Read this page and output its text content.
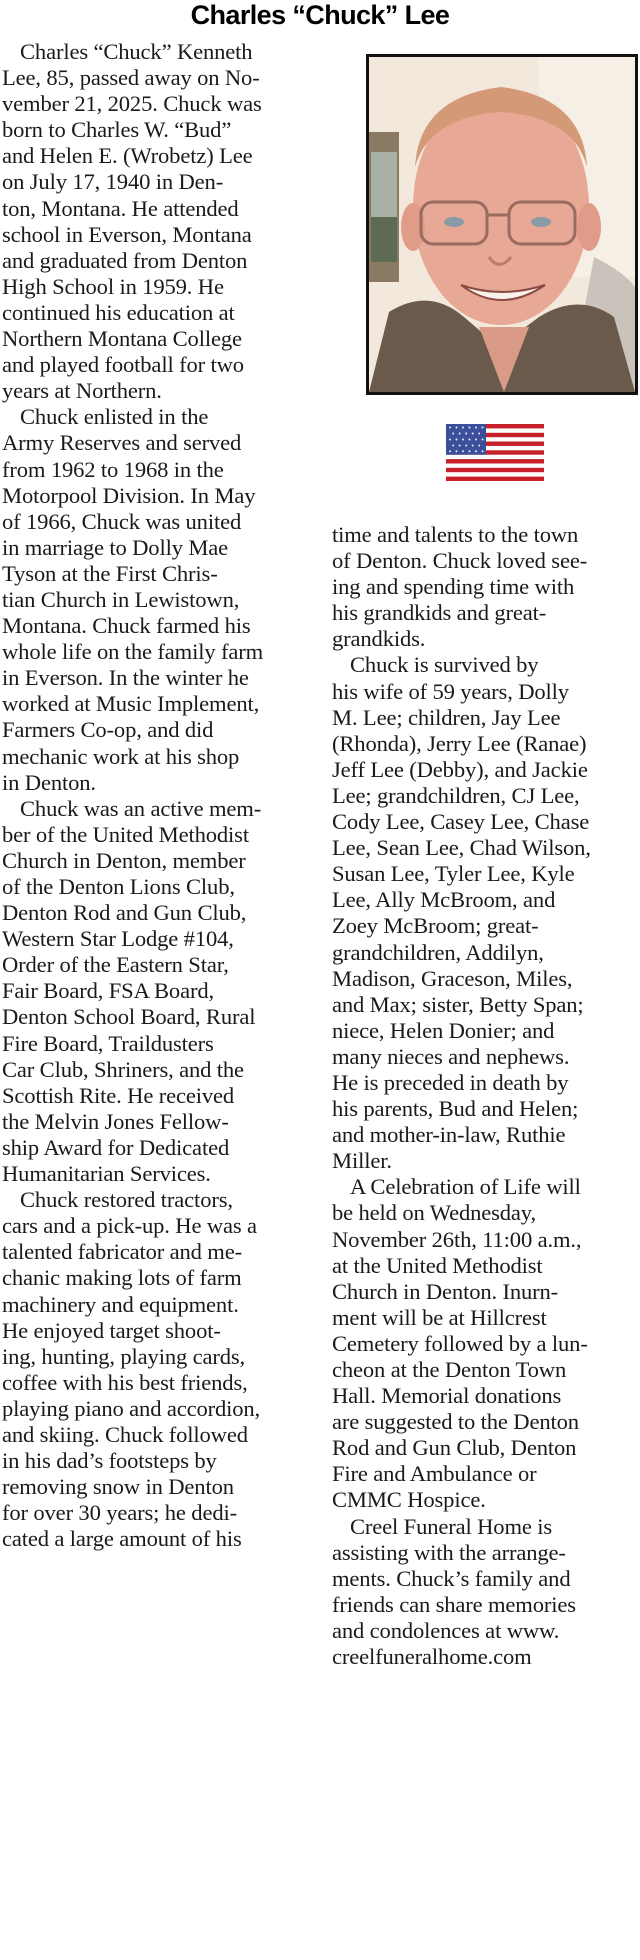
Charles “Chuck” Lee
Charles “Chuck” Kenneth
Lee, 85, passed away on No-
vember 21, 2025. Chuck was
born to Charles W. “Bud”
and Helen E. (Wrobetz) Lee
on July 17, 1940 in Den-
ton, Montana. He attended
school in Everson, Montana
and graduated from Denton
High School in 1959. He
continued his education at
Northern Montana College
and played football for two
years at Northern.
Chuck enlisted in the
Army Reserves and served
from 1962 to 1968 in the
Motorpool Division. In May
of 1966, Chuck was united
in marriage to Dolly Mae
Tyson at the First Chris-
tian Church in Lewistown,
Montana. Chuck farmed his
whole life on the family farm
in Everson. In the winter he
worked at Music Implement,
Farmers Co-op, and did
mechanic work at his shop
in Denton.
Chuck was an active mem-
ber of the United Methodist
Church in Denton, member
of the Denton Lions Club,
Denton Rod and Gun Club,
Western Star Lodge #104,
Order of the Eastern Star,
Fair Board, FSA Board,
Denton School Board, Rural
Fire Board, Traildusters
Car Club, Shriners, and the
Scottish Rite. He received
the Melvin Jones Fellow-
ship Award for Dedicated
Humanitarian Services.
Chuck restored tractors,
cars and a pick-up. He was a
talented fabricator and me-
chanic making lots of farm
machinery and equipment.
He enjoyed target shoot-
ing, hunting, playing cards,
coffee with his best friends,
playing piano and accordion,
and skiing. Chuck followed
in his dad’s footsteps by
removing snow in Denton
for over 30 years; he dedi-
cated a large amount of his
time and talents to the town
of Denton. Chuck loved see-
ing and spending time with
his grandkids and great-
grandkids.
Chuck is survived by
his wife of 59 years, Dolly
M. Lee; children, Jay Lee
(Rhonda), Jerry Lee (Ranae)
Jeff Lee (Debby), and Jackie
Lee; grandchildren, CJ Lee,
Cody Lee, Casey Lee, Chase
Lee, Sean Lee, Chad Wilson,
Susan Lee, Tyler Lee, Kyle
Lee, Ally McBroom, and
Zoey McBroom; great-
grandchildren, Addilyn,
Madison, Graceson, Miles,
and Max; sister, Betty Span;
niece, Helen Donier; and
many nieces and nephews.
He is preceded in death by
his parents, Bud and Helen;
and mother-in-law, Ruthie
Miller.
A Celebration of Life will
be held on Wednesday,
November 26th, 11:00 a.m.,
at the United Methodist
Church in Denton. Inurn-
ment will be at Hillcrest
Cemetery followed by a lun-
cheon at the Denton Town
Hall. Memorial donations
are suggested to the Denton
Rod and Gun Club, Denton
Fire and Ambulance or
CMMC Hospice.
Creel Funeral Home is
assisting with the arrange-
ments. Chuck’s family and
friends can share memories
and condolences at www.
creelfuneralhome.com
